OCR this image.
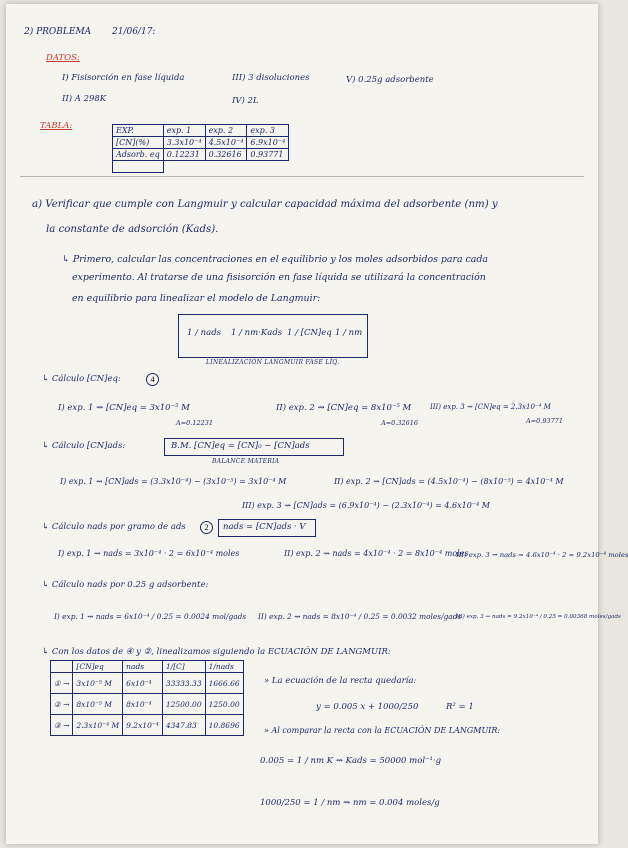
2) PROBLEMA 21/06/17:
DATOS:
I) Fisisorción en fase líquida
II) A 298K
III) 3 disoluciones
IV) 2L
V) 0.25g adsorbente
TABLA:	EXP.	exp. 1	exp. 2	exp. 3
[CN](%)	3.3x10⁻⁴	4.5x10⁻⁴	6.9x10⁻⁴
Adsorb. eq	0.12231	0.32616	0.93771

a) Verificar que cumple con Langmuir y calcular capacidad máxima del adsorbente (nm) y
la constante de adsorción (Kads).
↳ Primero, calcular las concentraciones en el equilibrio y los moles adsorbidos para cada
experimento. Al tratarse de una fisisorción en fase líquida se utilizará la concentración
en equilibrio para linealizar el modelo de Langmuir:
1 / nads 1 / nm·Kads 1 / [CN]eq 1 / nm
LINEALIZACIÓN LANGMUIR FASE LÍQ.
↳ Cálculo [CN]eq:	4
I) exp. 1 ⇝ [CN]eq = 3x10⁻⁵ M
A=0.12231
II) exp. 2 ⇝ [CN]eq = 8x10⁻⁵ M
A=0.32616
III) exp. 3 ⇝ [CN]eq = 2.3x10⁻⁴ M
A=0.93771
↳ Cálculo [CN]ads:	B.M. [CN]eq = [CN]₀ − [CN]ads
BALANCE MATERIA
I) exp. 1 ⇝ [CN]ads = (3.3x10⁻⁴) − (3x10⁻⁵) = 3x10⁻⁴ M	II) exp. 2 ⇝ [CN]ads = (4.5x10⁻⁴) − (8x10⁻⁵) = 4x10⁻⁴ M
III) exp. 3 ⇝ [CN]ads = (6.9x10⁻⁴) − (2.3x10⁻⁴) = 4.6x10⁻⁴ M
↳ Cálculo nads por gramo de ads	2	nads = [CN]ads · V
I) exp. 1 ⇝ nads = 3x10⁻⁴ · 2 = 6x10⁻⁴ moles	II) exp. 2 ⇝ nads = 4x10⁻⁴ · 2 = 8x10⁻⁴ moles
III) exp. 3 ⇝ nads = 4.6x10⁻⁴ · 2 = 9.2x10⁻⁴ moles
↳ Cálculo nads por 0.25 g adsorbente:
I) exp. 1 ⇝ nads = 6x10⁻⁴ / 0.25 = 0.0024 mol/gads II) exp. 2 ⇝ nads = 8x10⁻⁴ / 0.25 = 0.0032 moles/gads
III) exp. 3 ⇝ nads = 9.2x10⁻⁴ / 0.25 = 0.00368 moles/gads
↳ Con los datos de ④ y ②, linealizamos siguiendo la ECUACIÓN DE LANGMUIR:
	[CN]eq	nads	1/[C]	1/nads
① →	3x10⁻⁵ M	6x10⁻⁴	33333.33	1666.66
② →	8x10⁻⁵ M	8x10⁻⁴	12500.00	1250.00
③ →	2.3x10⁻⁴ M	9.2x10⁻⁴	4347.83	10.8696
» La ecuación de la recta quedaría:
y = 0.005 x + 1000/250	R² = 1
» Al comparar la recta con la ECUACIÓN DE LANGMUIR:
0.005 = 1 / nm K ⇝ Kads = 50000 mol⁻¹·g
1000/250 = 1 / nm ⇝ nm = 0.004 moles/g
